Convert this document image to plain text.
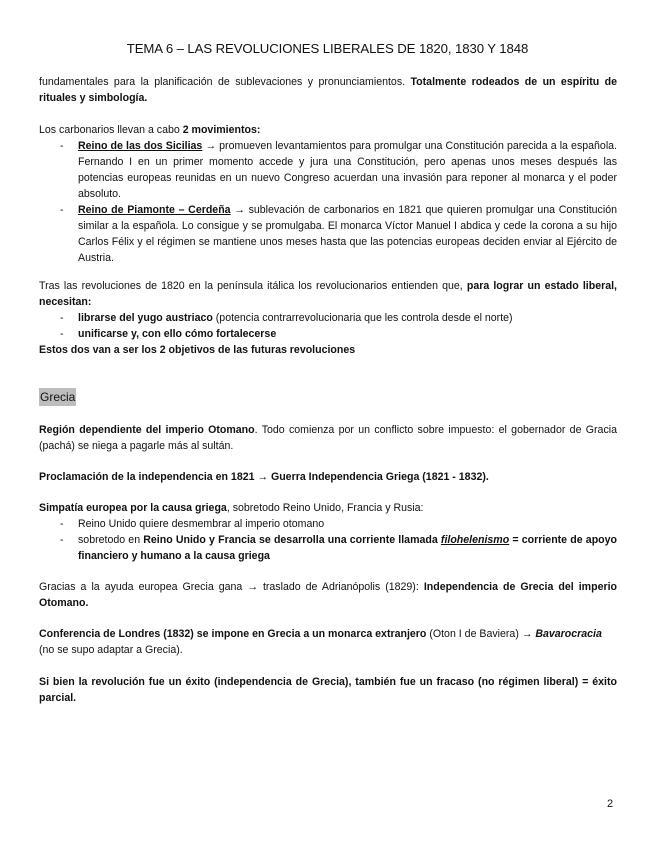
TEMA 6 – LAS REVOLUCIONES LIBERALES DE 1820, 1830 Y 1848
fundamentales para la planificación de sublevaciones y pronunciamientos. Totalmente rodeados de un espíritu de rituales y simbología.
Los carbonarios llevan a cabo 2 movimientos:
- Reino de las dos Sicilias → promueven levantamientos para promulgar una Constitución parecida a la española. Fernando I en un primer momento accede y jura una Constitución, pero apenas unos meses después las potencias europeas reunidas en un nuevo Congreso acuerdan una invasión para reponer al monarca y el poder absoluto.
- Reino de Piamonte – Cerdeña → sublevación de carbonarios en 1821 que quieren promulgar una Constitución similar a la española. Lo consigue y se promulgaba. El monarca Víctor Manuel I abdica y cede la corona a su hijo Carlos Félix y el régimen se mantiene unos meses hasta que las potencias europeas deciden enviar al Ejército de Austria.
Tras las revoluciones de 1820 en la península itálica los revolucionarios entienden que, para lograr un estado liberal, necesitan:
- librarse del yugo austriaco (potencia contrarrevolucionaria que les controla desde el norte)
- unificarse y, con ello cómo fortalecerse
Estos dos van a ser los 2 objetivos de las futuras revoluciones
Grecia
Región dependiente del imperio Otomano. Todo comienza por un conflicto sobre impuesto: el gobernador de Gracia (pachá) se niega a pagarle más al sultán.
Proclamación de la independencia en 1821 → Guerra Independencia Griega (1821 - 1832).
Simpatía europea por la causa griega, sobretodo Reino Unido, Francia y Rusia:
- Reino Unido quiere desmembrar al imperio otomano
- sobretodo en Reino Unido y Francia se desarrolla una corriente llamada filohelenismo = corriente de apoyo financiero y humano a la causa griega
Gracias a la ayuda europea Grecia gana → traslado de Adrianópolis (1829): Independencia de Grecia del imperio Otomano.
Conferencia de Londres (1832) se impone en Grecia a un monarca extranjero (Oton I de Baviera) → Bavarocracia (no se supo adaptar a Grecia).
Si bien la revolución fue un éxito (independencia de Grecia), también fue un fracaso (no régimen liberal) = éxito parcial.
2
